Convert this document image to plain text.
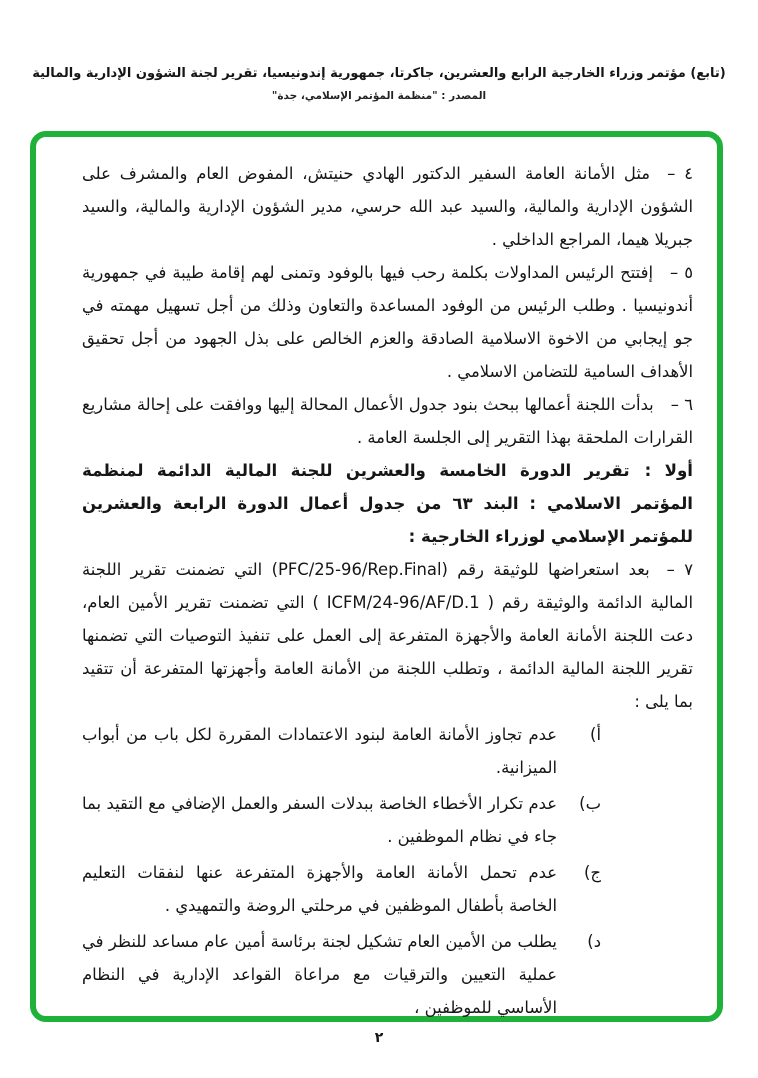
(تابع) مؤتمر وزراء الخارجية الرابع والعشرين، جاكرتا، جمهورية إندونيسيا، تقرير لجنة الشؤون الإدارية والمالية
المصدر : "منظمة المؤتمر الإسلامي، جدة"

٤ –مثل الأمانة العامة السفير الدكتور الهادي حنيتش، المفوض العام والمشرف على الشؤون الإدارية والمالية، والسيد عبد الله حرسي، مدير الشؤون الإدارية والمالية، والسيد جبريلا هيما، المراجع الداخلي .

٥ –إفتتح الرئيس المداولات بكلمة رحب فيها بالوفود وتمنى لهم إقامة طيبة في جمهورية أندونيسيا . وطلب الرئيس من الوفود المساعدة والتعاون وذلك من أجل تسهيل مهمته في جو إيجابي من الاخوة الاسلامية الصادقة والعزم الخالص على بذل الجهود من أجل تحقيق الأهداف السامية للتضامن الاسلامي .

٦ –بدأت اللجنة أعمالها ببحث بنود جدول الأعمال المحالة إليها ووافقت على إحالة مشاريع القرارات الملحقة بهذا التقرير إلى الجلسة العامة .

أولا :تقرير الدورة الخامسة والعشرين للجنة المالية الدائمة لمنظمة المؤتمر الاسلامي : البند ٦٣ من جدول أعمال الدورة الرابعة والعشرين للمؤتمر الإسلامي لوزراء الخارجية :

٧ –بعد استعراضها للوثيقة رقم ‎(PFC/25-96/Rep.Final)‎ التي تضمنت تقرير اللجنة المالية الدائمة والوثيقة رقم ‎( ICFM/24-96/AF/D.1 )‎ التي تضمنت تقرير الأمين العام، دعت اللجنة الأمانة العامة والأجهزة المتفرعة إلى العمل على تنفيذ التوصيات التي تضمنها تقرير اللجنة المالية الدائمة ، وتطلب اللجنة من الأمانة العامة وأجهزتها المتفرعة أن تتقيد بما يلى :

أ)
عدم تجاوز الأمانة العامة لبنود الاعتمادات المقررة لكل باب من أبواب الميزانية.
ب)
عدم تكرار الأخطاء الخاصة ببدلات السفر والعمل الإضافي مع التقيد بما جاء في نظام الموظفين .
ج)
عدم تحمل الأمانة العامة والأجهزة المتفرعة عنها لنفقات التعليم الخاصة بأطفال الموظفين في مرحلتي الروضة والتمهيدي .
د)
يطلب من الأمين العام تشكيل لجنة برئاسة أمين عام مساعد للنظر في عملية التعيين والترقيات مع مراعاة القواعد الإدارية في النظام الأساسي للموظفين ،
٢
